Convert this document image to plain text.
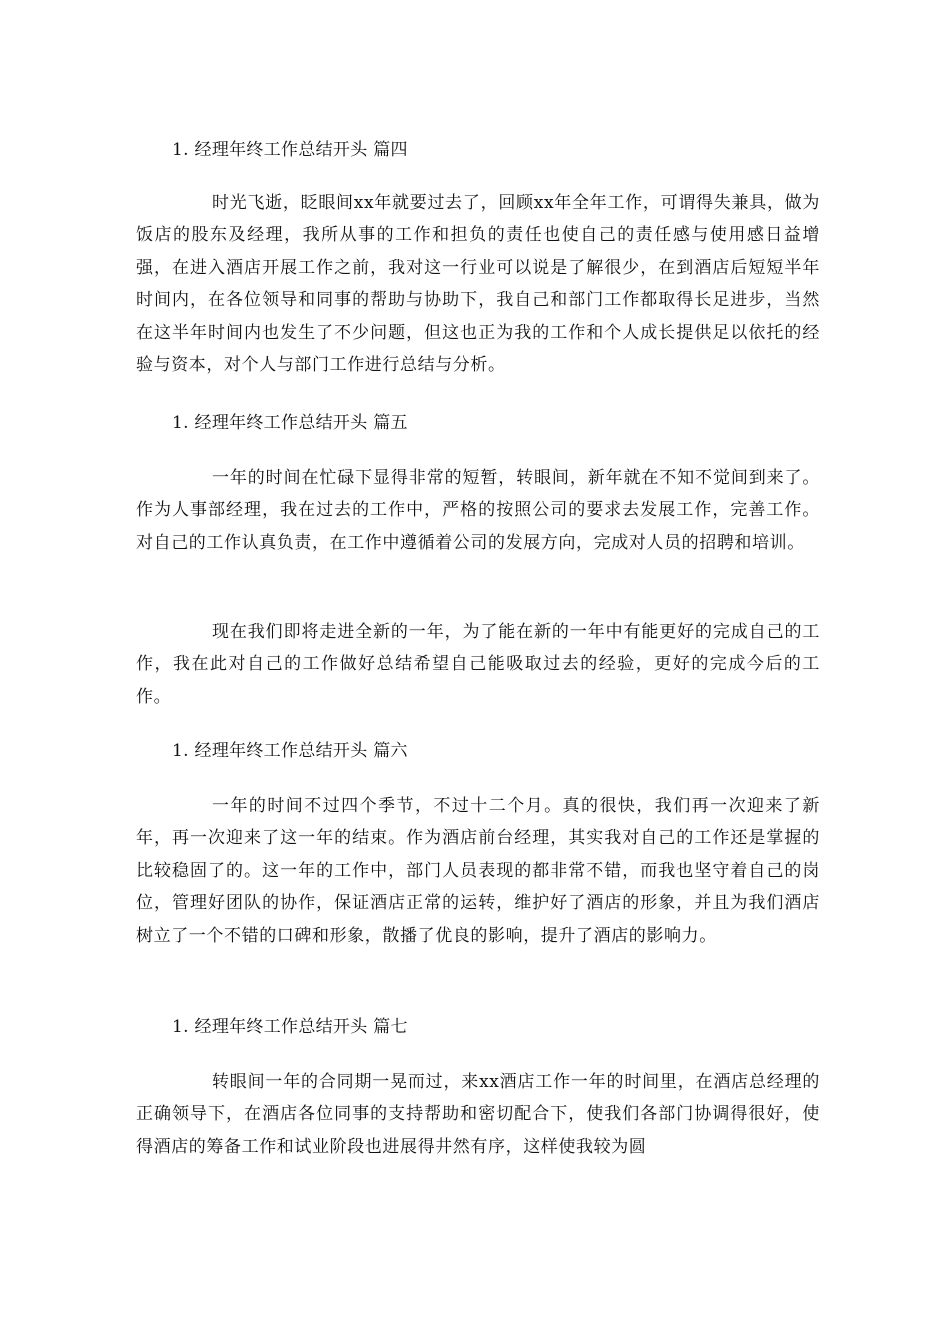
1. 经理年终工作总结开头 篇四
时光飞逝，眨眼间xx年就要过去了，回顾xx年全年工作，可谓得失兼具，做为饭店的股东及经理，我所从事的工作和担负的责任也使自己的责任感与使用感日益增强，在进入酒店开展工作之前，我对这一行业可以说是了解很少，在到酒店后短短半年时间内，在各位领导和同事的帮助与协助下，我自己和部门工作都取得长足进步，当然在这半年时间内也发生了不少问题，但这也正为我的工作和个人成长提供足以依托的经验与资本，对个人与部门工作进行总结与分析。
1. 经理年终工作总结开头 篇五
一年的时间在忙碌下显得非常的短暂，转眼间，新年就在不知不觉间到来了。作为人事部经理，我在过去的工作中，严格的按照公司的要求去发展工作，完善工作。对自己的工作认真负责，在工作中遵循着公司的发展方向，完成对人员的招聘和培训。
现在我们即将走进全新的一年，为了能在新的一年中有能更好的完成自己的工作，我在此对自己的工作做好总结希望自己能吸取过去的经验，更好的完成今后的工作。
1. 经理年终工作总结开头 篇六
一年的时间不过四个季节，不过十二个月。真的很快，我们再一次迎来了新年，再一次迎来了这一年的结束。作为酒店前台经理，其实我对自己的工作还是掌握的比较稳固了的。这一年的工作中，部门人员表现的都非常不错，而我也坚守着自己的岗位，管理好团队的协作，保证酒店正常的运转，维护好了酒店的形象，并且为我们酒店树立了一个不错的口碑和形象，散播了优良的影响，提升了酒店的影响力。
1. 经理年终工作总结开头 篇七
转眼间一年的合同期一晃而过，来xx酒店工作一年的时间里，在酒店总经理的正确领导下，在酒店各位同事的支持帮助和密切配合下，使我们各部门协调得很好，使得酒店的筹备工作和试业阶段也进展得井然有序，这样使我较为圆
